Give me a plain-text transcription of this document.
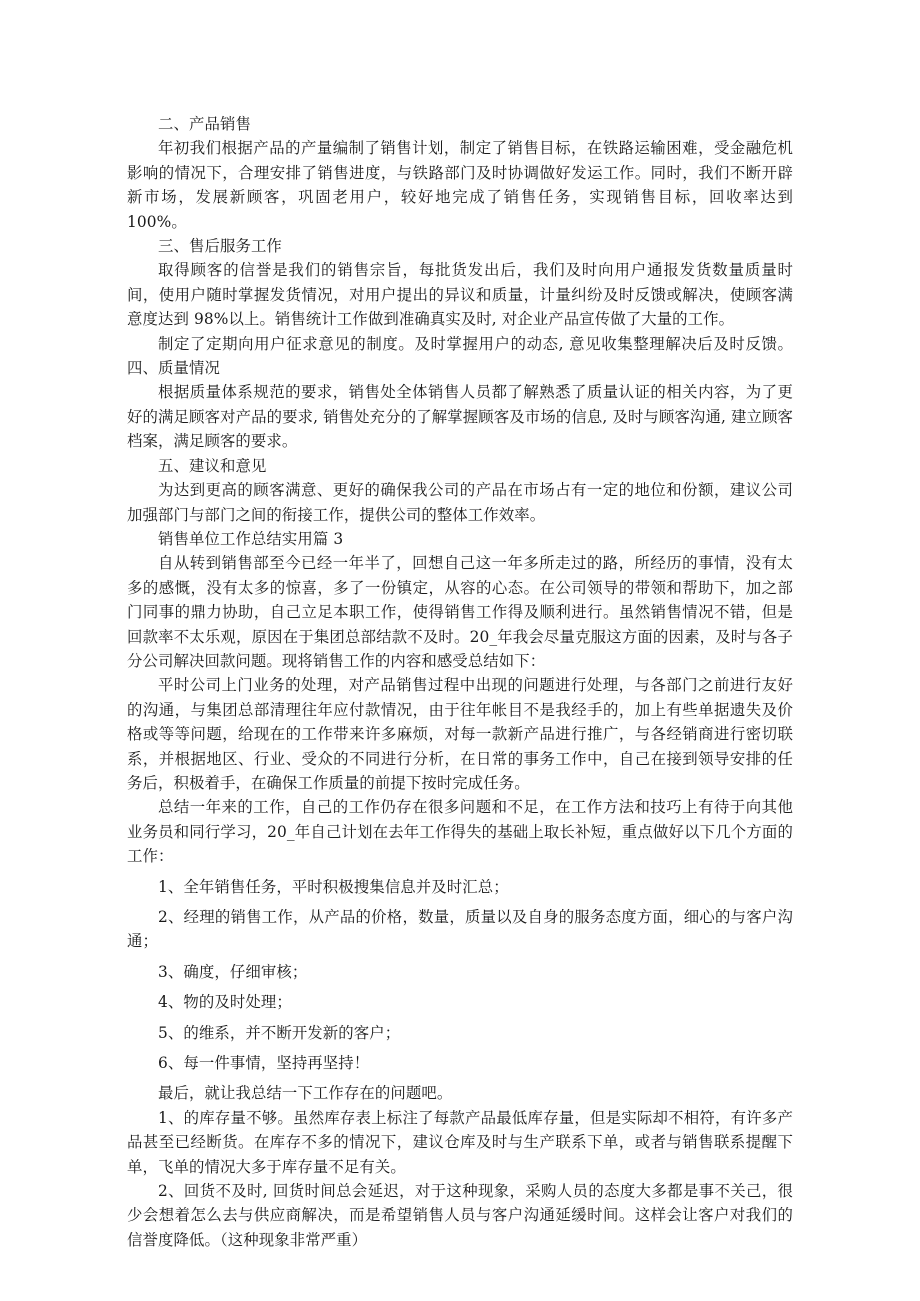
二、产品销售

年初我们根据产品的产量编制了销售计划，制定了销售目标，在铁路运输困难，受金融危机影响的情况下，合理安排了销售进度，与铁路部门及时协调做好发运工作。同时，我们不断开辟新市场，发展新顾客，巩固老用户，较好地完成了销售任务，实现销售目标，回收率达到 100%。

三、售后服务工作

取得顾客的信誉是我们的销售宗旨，每批货发出后，我们及时向用户通报发货数量质量时间，使用户随时掌握发货情况，对用户提出的异议和质量，计量纠纷及时反馈或解决，使顾客满意度达到 98%以上。销售统计工作做到准确真实及时, 对企业产品宣传做了大量的工作。

制定了定期向用户征求意见的制度。及时掌握用户的动态, 意见收集整理解决后及时反馈。四、质量情况

根据质量体系规范的要求，销售处全体销售人员都了解熟悉了质量认证的相关内容，为了更好的满足顾客对产品的要求, 销售处充分的了解掌握顾客及市场的信息, 及时与顾客沟通, 建立顾客档案，满足顾客的要求。

五、建议和意见

为达到更高的顾客满意、更好的确保我公司的产品在市场占有一定的地位和份额，建议公司加强部门与部门之间的衔接工作，提供公司的整体工作效率。

销售单位工作总结实用篇 3

自从转到销售部至今已经一年半了，回想自己这一年多所走过的路，所经历的事情，没有太多的感慨，没有太多的惊喜，多了一份镇定，从容的心态。在公司领导的带领和帮助下，加之部门同事的鼎力协助，自己立足本职工作，使得销售工作得及顺利进行。虽然销售情况不错，但是回款率不太乐观，原因在于集团总部结款不及时。20_年我会尽量克服这方面的因素，及时与各子分公司解决回款问题。现将销售工作的内容和感受总结如下：

平时公司上门业务的处理，对产品销售过程中出现的问题进行处理，与各部门之前进行友好的沟通，与集团总部清理往年应付款情况，由于往年帐目不是我经手的，加上有些单据遗失及价格或等等问题，给现在的工作带来许多麻烦，对每一款新产品进行推广，与各经销商进行密切联系，并根据地区、行业、受众的不同进行分析，在日常的事务工作中，自己在接到领导安排的任务后，积极着手，在确保工作质量的前提下按时完成任务。

总结一年来的工作，自己的工作仍存在很多问题和不足，在工作方法和技巧上有待于向其他业务员和同行学习，20_年自己计划在去年工作得失的基础上取长补短，重点做好以下几个方面的工作：

1、全年销售任务，平时积极搜集信息并及时汇总；

2、经理的销售工作，从产品的价格，数量，质量以及自身的服务态度方面，细心的与客户沟通；

3、确度，仔细审核；

4、物的及时处理；

5、的维系，并不断开发新的客户；

6、每一件事情，坚持再坚持！

最后，就让我总结一下工作存在的问题吧。

1、的库存量不够。虽然库存表上标注了每款产品最低库存量，但是实际却不相符，有许多产品甚至已经断货。在库存不多的情况下，建议仓库及时与生产联系下单，或者与销售联系提醒下单，飞单的情况大多于库存量不足有关。

2、回货不及时, 回货时间总会延迟，对于这种现象，采购人员的态度大多都是事不关己，很少会想着怎么去与供应商解决，而是希望销售人员与客户沟通延缓时间。这样会让客户对我们的信誉度降低。（这种现象非常严重）
